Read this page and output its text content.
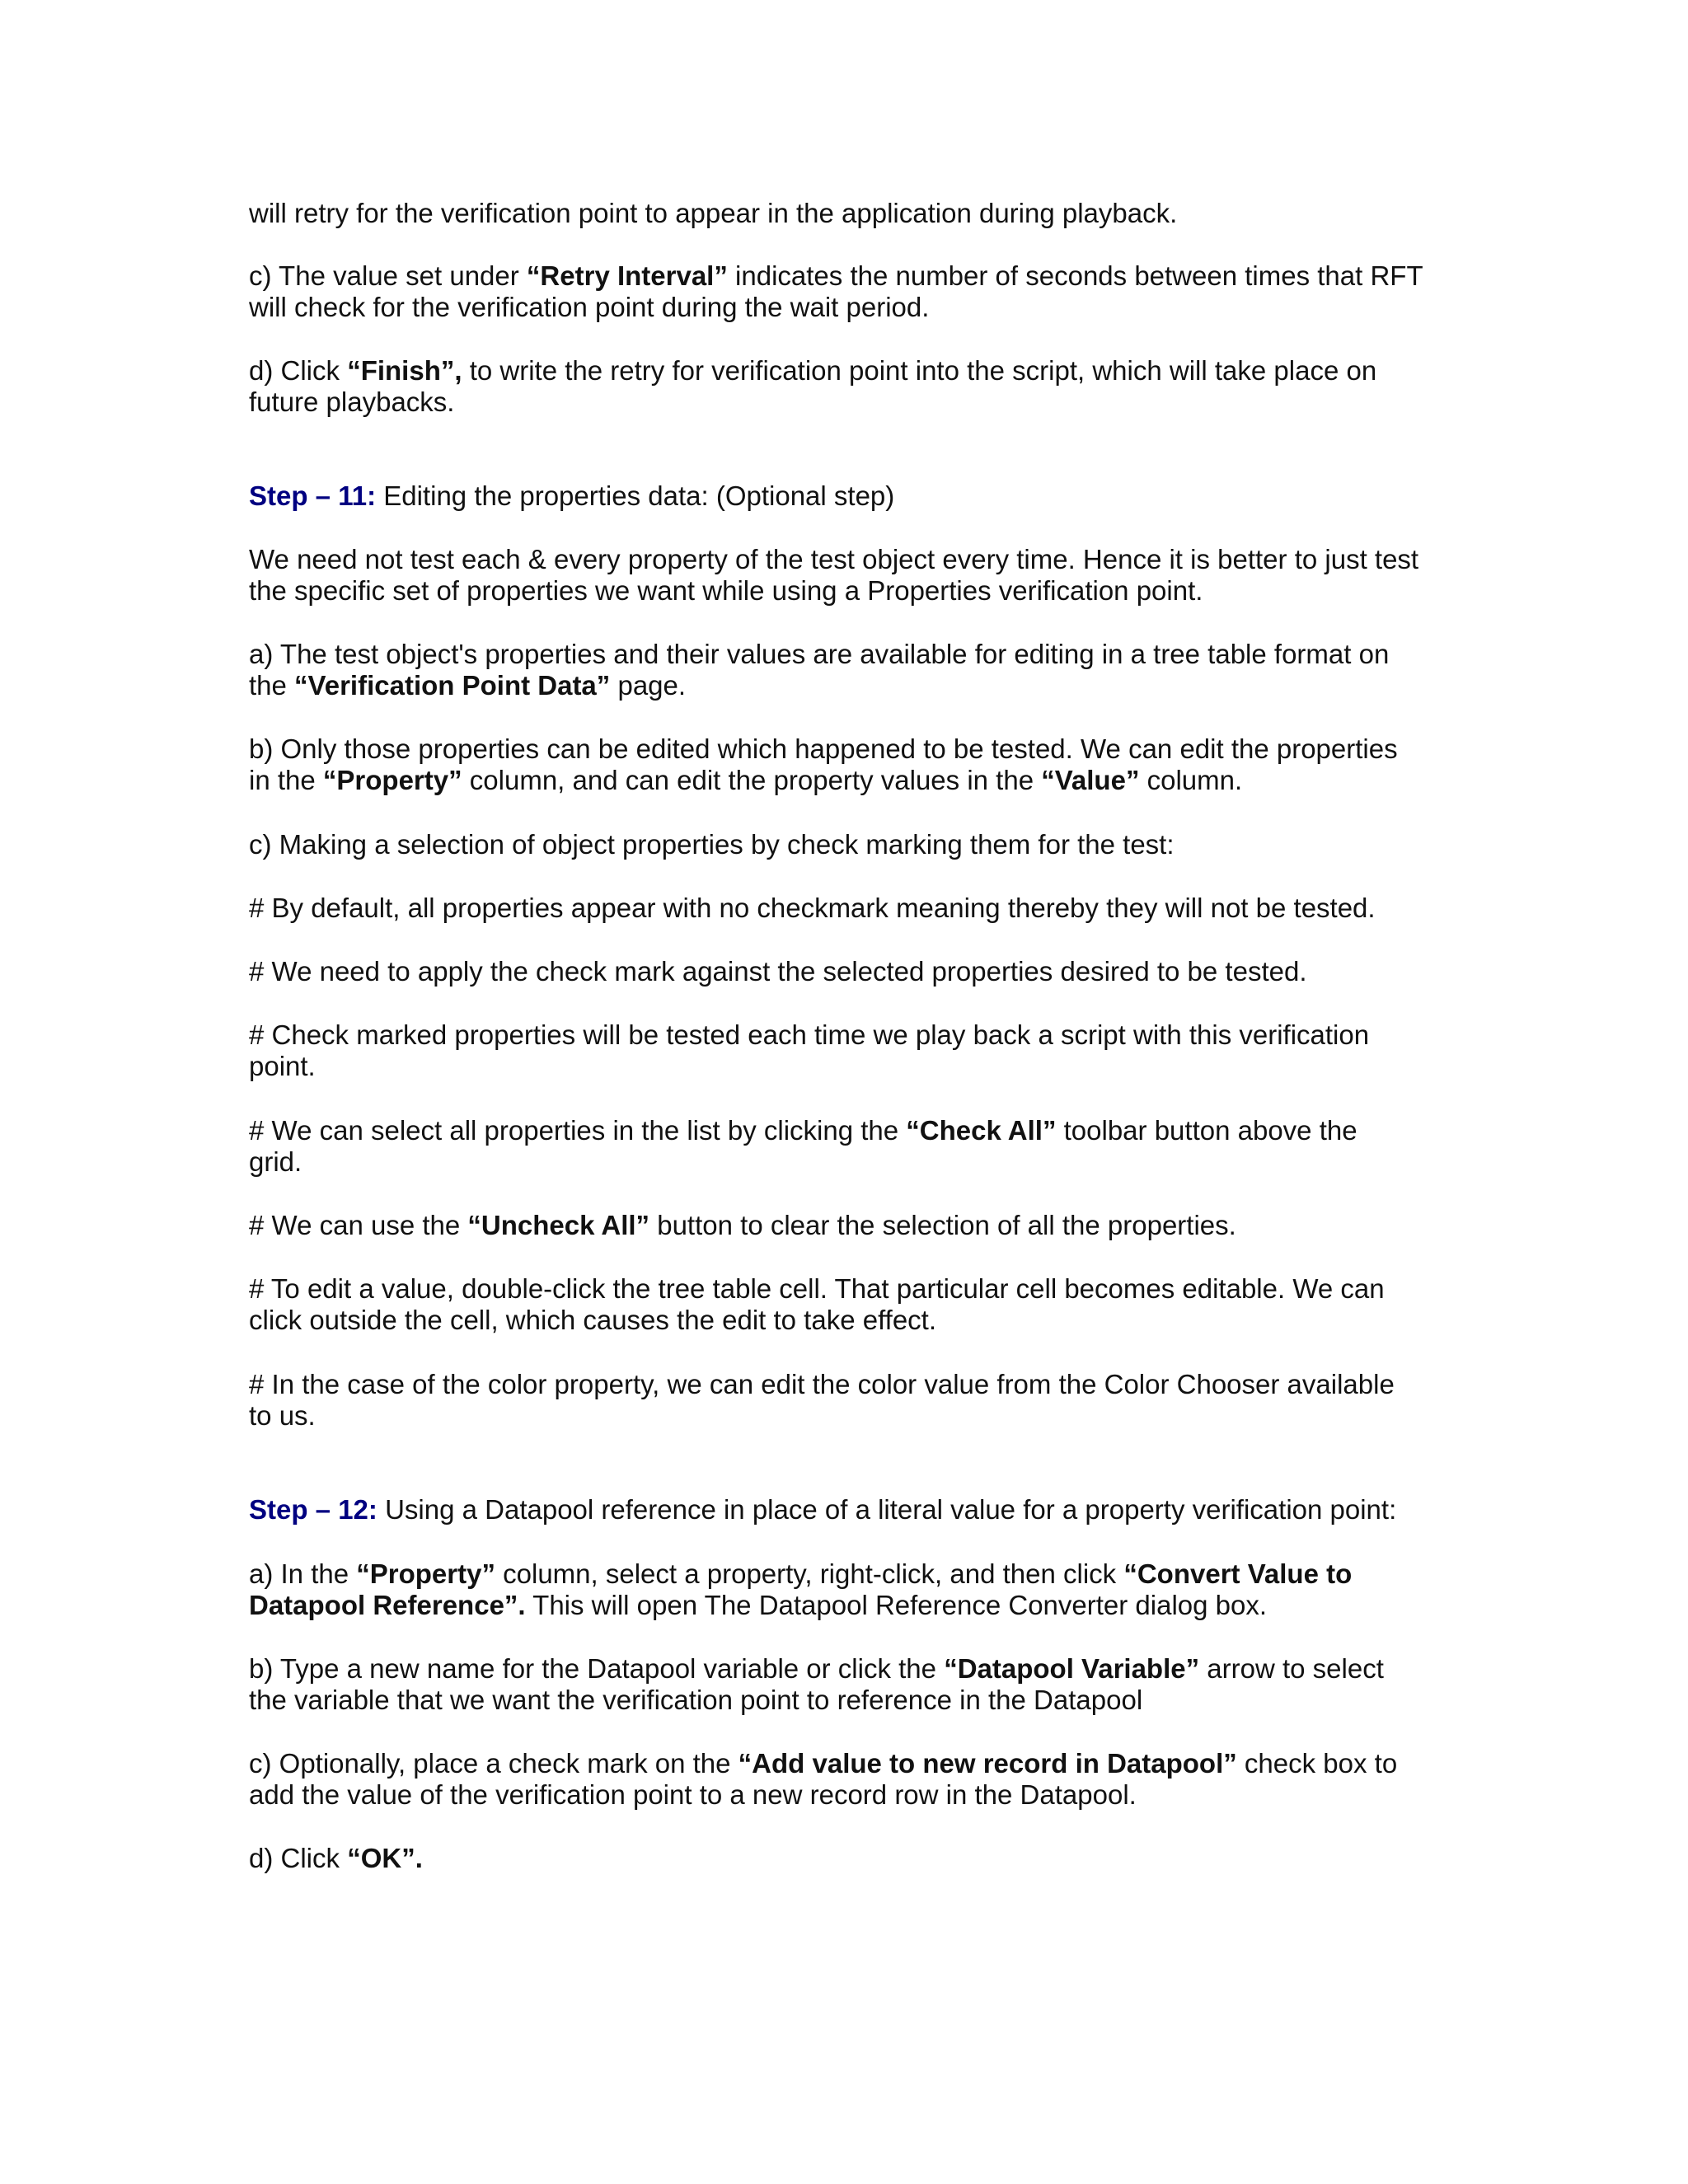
will retry for the verification point to appear in the application during playback.

c) The value set under “Retry Interval” indicates the number of seconds between times that RFT

will check for the verification point during the wait period.

d) Click “Finish”, to write the retry for verification point into the script, which will take place on

future playbacks.

Step – 11: Editing the properties data: (Optional step)

We need not test each & every property of the test object every time. Hence it is better to just test

the specific set of properties we want while using a Properties verification point.

a) The test object's properties and their values are available for editing in a tree table format on

the “Verification Point Data” page.

b) Only those properties can be edited which happened to be tested. We can edit the properties

in the “Property” column, and can edit the property values in the “Value” column.

c) Making a selection of object properties by check marking them for the test:

# By default, all properties appear with no checkmark meaning thereby they will not be tested.

# We need to apply the check mark against the selected properties desired to be tested.

# Check marked properties will be tested each time we play back a script with this verification

point.

# We can select all properties in the list by clicking the “Check All” toolbar button above the

grid.

# We can use the “Uncheck All” button to clear the selection of all the properties.

# To edit a value, double-click the tree table cell. That particular cell becomes editable. We can

click outside the cell, which causes the edit to take effect.

# In the case of the color property, we can edit the color value from the Color Chooser available

to us.

Step – 12: Using a Datapool reference in place of a literal value for a property verification point:

a) In the “Property” column, select a property, right-click, and then click “Convert Value to

Datapool Reference”. This will open The Datapool Reference Converter dialog box.

b) Type a new name for the Datapool variable or click the “Datapool Variable” arrow to select

the variable that we want the verification point to reference in the Datapool

c) Optionally, place a check mark on the “Add value to new record in Datapool” check box to

add the value of the verification point to a new record row in the Datapool.

d) Click “OK”.
